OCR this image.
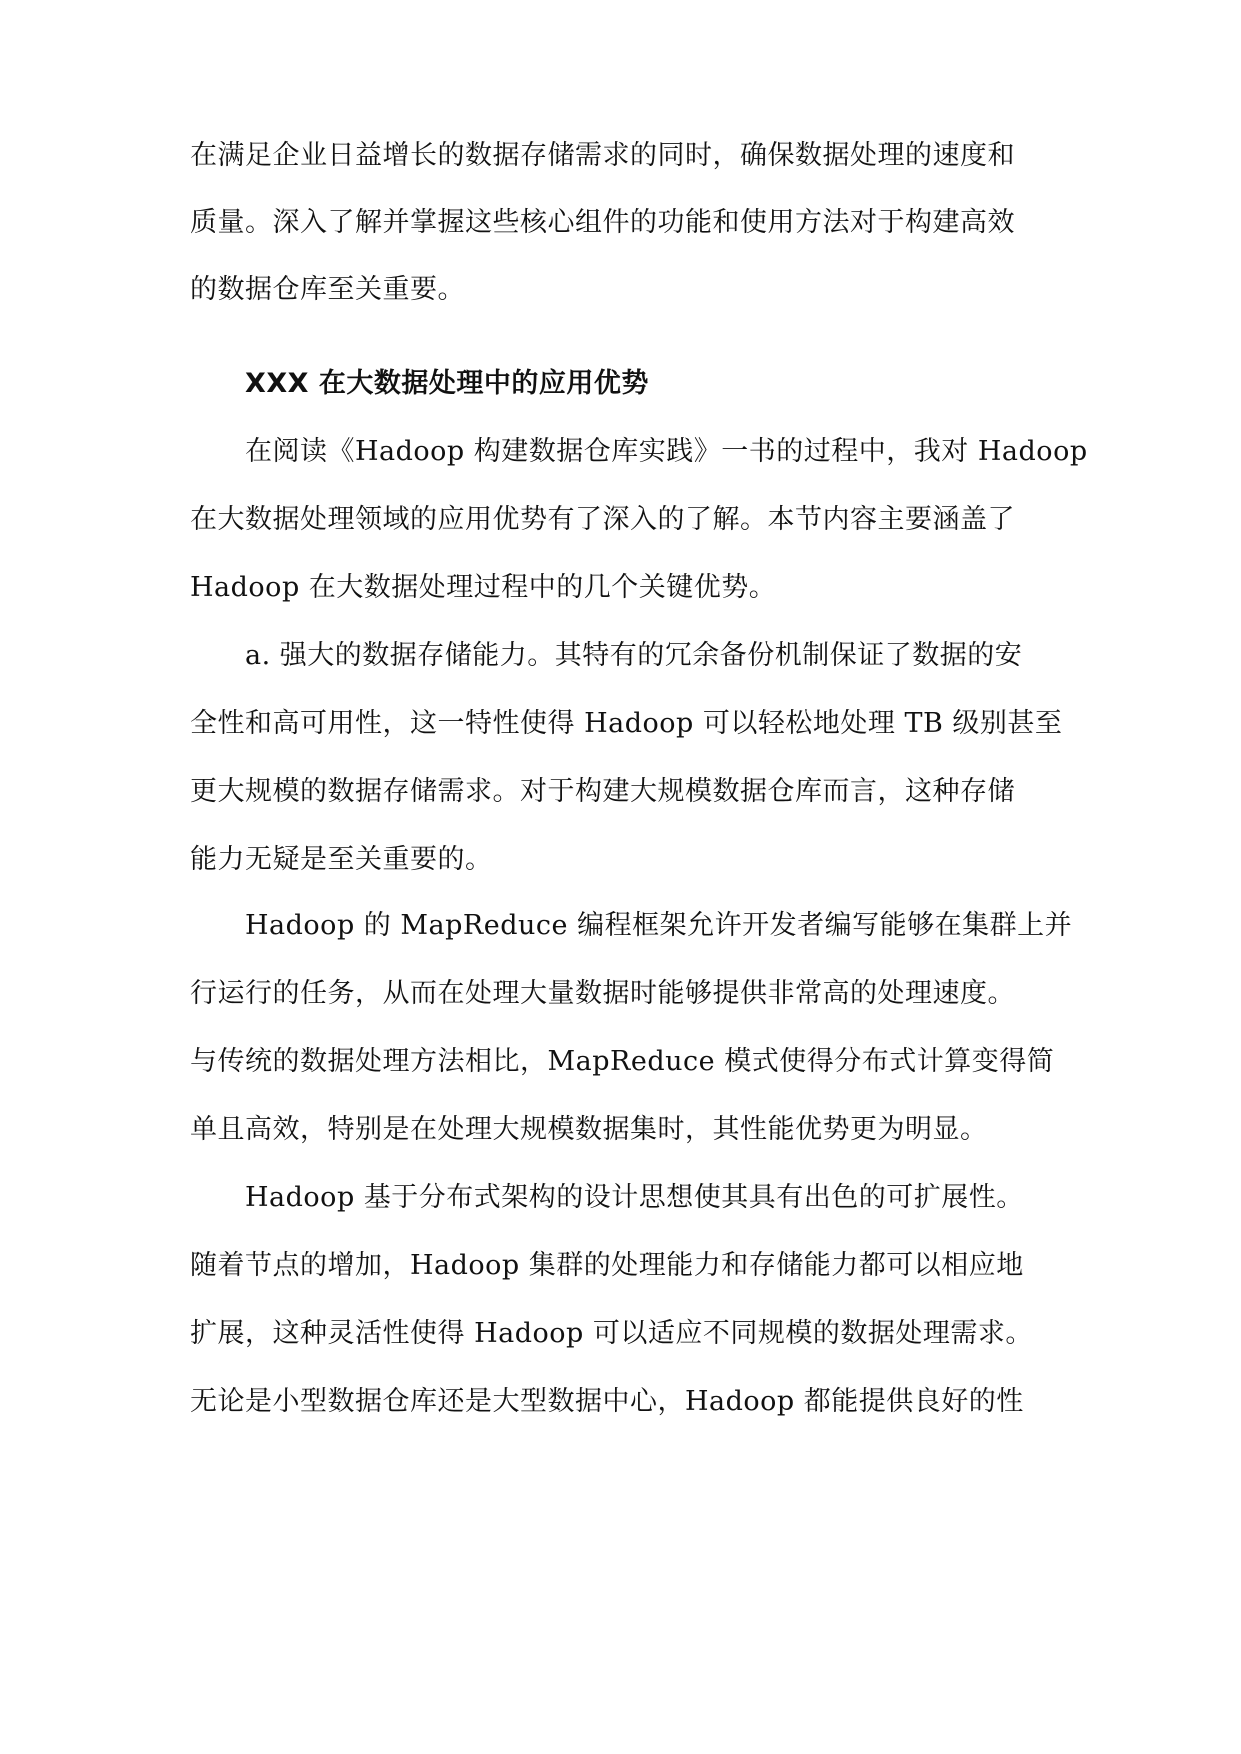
在满足企业日益增长的数据存储需求的同时，确保数据处理的速度和
质量。深入了解并掌握这些核心组件的功能和使用方法对于构建高效
的数据仓库至关重要。
XXX 在大数据处理中的应用优势
在阅读《Hadoop 构建数据仓库实践》一书的过程中，我对 Hadoop
在大数据处理领域的应用优势有了深入的了解。本节内容主要涵盖了
Hadoop 在大数据处理过程中的几个关键优势。
a. 强大的数据存储能力。其特有的冗余备份机制保证了数据的安
全性和高可用性，这一特性使得 Hadoop 可以轻松地处理 TB 级别甚至
更大规模的数据存储需求。对于构建大规模数据仓库而言，这种存储
能力无疑是至关重要的。
Hadoop 的 MapReduce 编程框架允许开发者编写能够在集群上并
行运行的任务，从而在处理大量数据时能够提供非常高的处理速度。
与传统的数据处理方法相比，MapReduce 模式使得分布式计算变得简
单且高效，特别是在处理大规模数据集时，其性能优势更为明显。
Hadoop 基于分布式架构的设计思想使其具有出色的可扩展性。
随着节点的增加，Hadoop 集群的处理能力和存储能力都可以相应地
扩展，这种灵活性使得 Hadoop 可以适应不同规模的数据处理需求。
无论是小型数据仓库还是大型数据中心，Hadoop 都能提供良好的性
